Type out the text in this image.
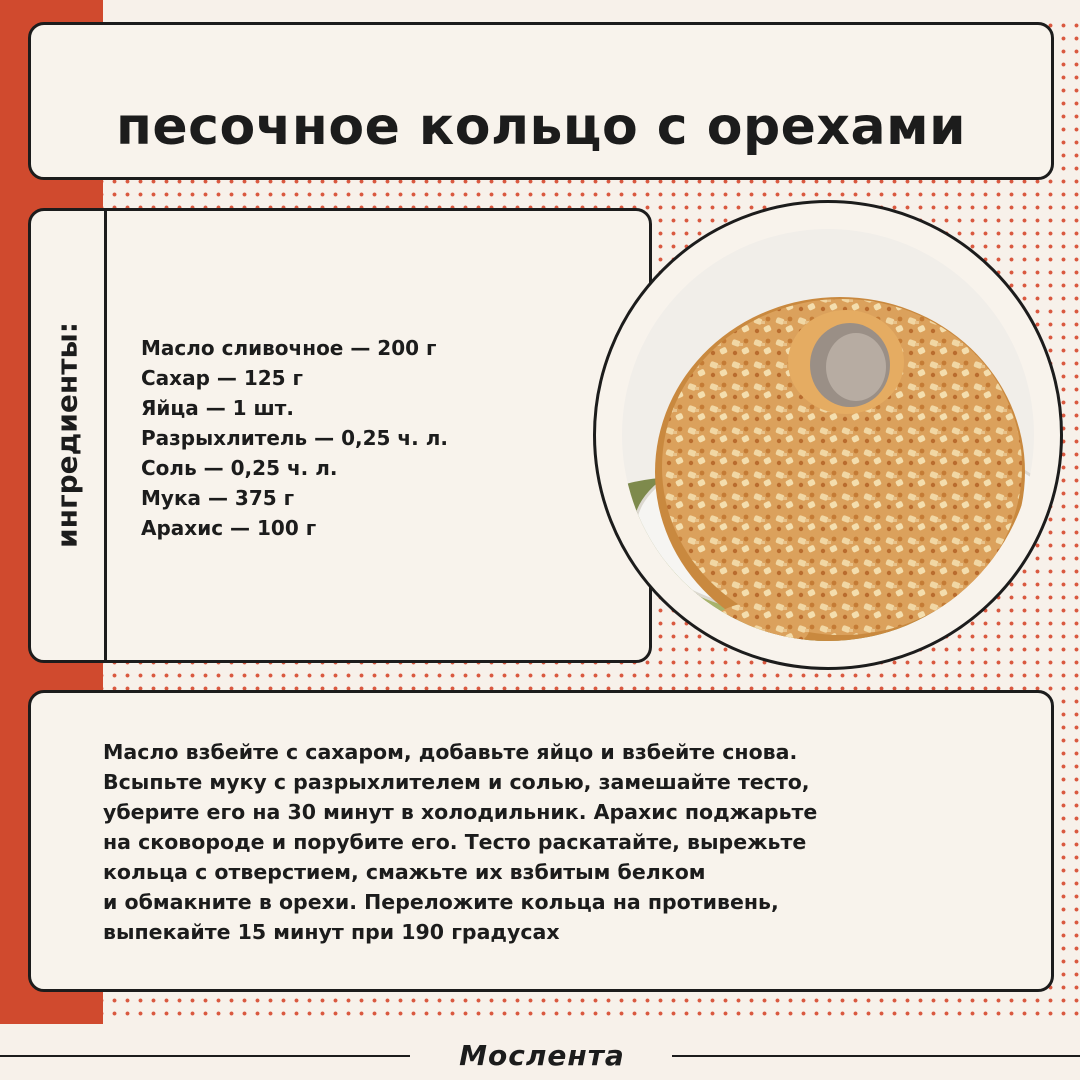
песочное кольцо с орехами
ингредиенты:	Масло сливочное — 200 г
Сахар — 125 г
Яйца — 1 шт.
Разрыхлитель — 0,25 ч. л.
Соль — 0,25 ч. л.
Мука — 375 г
Арахис — 100 г
Масло взбейте с сахаром, добавьте яйцо и взбейте снова.
Всыпьте муку с разрыхлителем и солью, замешайте тесто,
уберите его на 30 минут в холодильник. Арахис поджарьте
на сковороде и порубите его. Тесто раскатайте, вырежьте
кольца с отверстием, смажьте их взбитым белком
и обмакните в орехи. Переложите кольца на противень,
выпекайте 15 минут при 190 градусах
Мослента
